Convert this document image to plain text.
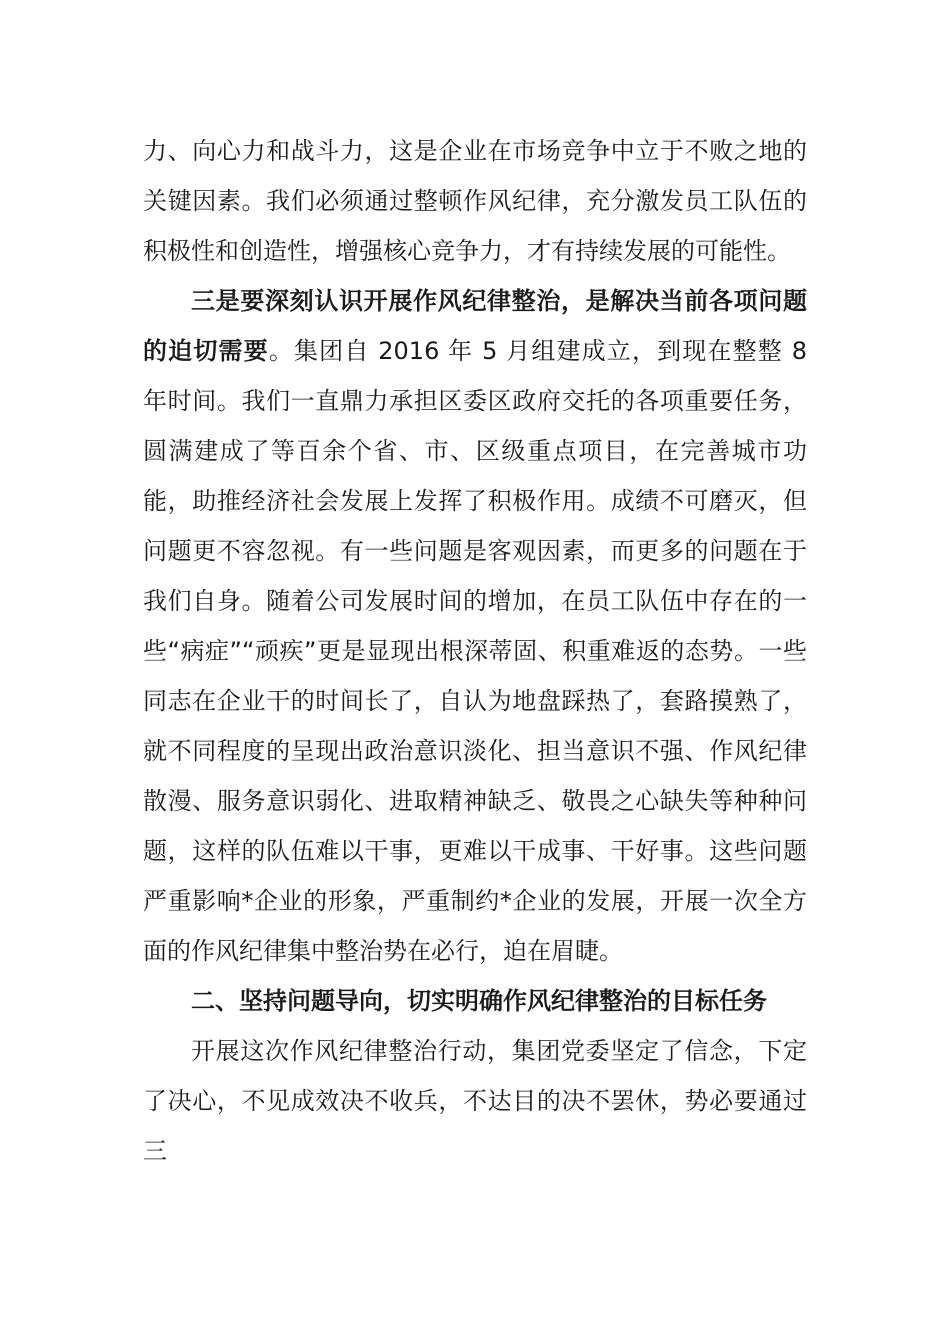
力、向心力和战斗力，这是企业在市场竞争中立于不败之地的关键因素。我们必须通过整顿作风纪律，充分激发员工队伍的积极性和创造性，增强核心竞争力，才有持续发展的可能性。

三是要深刻认识开展作风纪律整治，是解决当前各项问题的迫切需要。集团自 2016 年 5 月组建成立，到现在整整 8 年时间。我们一直鼎力承担区委区政府交托的各项重要任务，圆满建成了等百余个省、市、区级重点项目，在完善城市功能，助推经济社会发展上发挥了积极作用。成绩不可磨灭，但问题更不容忽视。有一些问题是客观因素，而更多的问题在于我们自身。随着公司发展时间的增加，在员工队伍中存在的一些“病症”“顽疾”更是显现出根深蒂固、积重难返的态势。一些同志在企业干的时间长了，自认为地盘踩热了，套路摸熟了，就不同程度的呈现出政治意识淡化、担当意识不强、作风纪律散漫、服务意识弱化、进取精神缺乏、敬畏之心缺失等种种问题，这样的队伍难以干事，更难以干成事、干好事。这些问题严重影响*企业的形象，严重制约*企业的发展，开展一次全方面的作风纪律集中整治势在必行，迫在眉睫。

二、坚持问题导向，切实明确作风纪律整治的目标任务

开展这次作风纪律整治行动，集团党委坚定了信念，下定了决心，不见成效决不收兵，不达目的决不罢休，势必要通过三
